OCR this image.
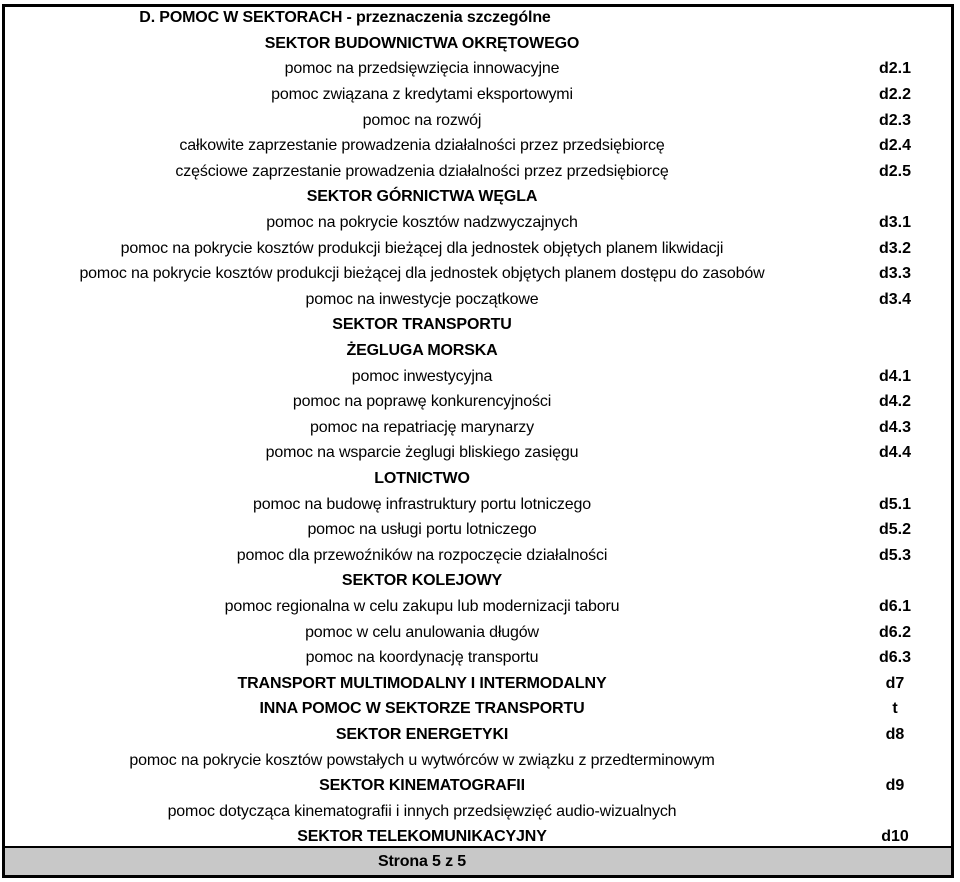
D. POMOC W SEKTORACH - przeznaczenia szczególne
SEKTOR BUDOWNICTWA OKRĘTOWEGO
pomoc na przedsięwzięcia innowacyjne	d2.1
pomoc związana z kredytami eksportowymi	d2.2
pomoc na rozwój	d2.3
całkowite zaprzestanie prowadzenia działalności przez przedsiębiorcę	d2.4
częściowe zaprzestanie prowadzenia działalności przez przedsiębiorcę	d2.5
SEKTOR GÓRNICTWA WĘGLA
pomoc na pokrycie kosztów nadzwyczajnych	d3.1
pomoc na pokrycie kosztów produkcji bieżącej dla jednostek objętych planem likwidacji	d3.2
pomoc na pokrycie kosztów produkcji bieżącej dla jednostek objętych planem dostępu do zasobów	d3.3
pomoc na inwestycje początkowe	d3.4
SEKTOR TRANSPORTU
ŻEGLUGA MORSKA
pomoc inwestycyjna	d4.1
pomoc na poprawę konkurencyjności	d4.2
pomoc na repatriację marynarzy	d4.3
pomoc na wsparcie żeglugi bliskiego zasięgu	d4.4
LOTNICTWO
pomoc na budowę infrastruktury portu lotniczego	d5.1
pomoc na usługi portu lotniczego	d5.2
pomoc dla przewoźników na rozpoczęcie działalności	d5.3
SEKTOR KOLEJOWY
pomoc regionalna w celu zakupu lub modernizacji taboru	d6.1
pomoc w celu anulowania długów	d6.2
pomoc na koordynację transportu	d6.3
TRANSPORT MULTIMODALNY I INTERMODALNY	d7
INNA POMOC W SEKTORZE TRANSPORTU	t
SEKTOR ENERGETYKI	d8
pomoc na pokrycie kosztów powstałych u wytwórców w związku z przedterminowym
SEKTOR KINEMATOGRAFII	d9
pomoc dotycząca kinematografii i innych przedsięwzięć audio-wizualnych
SEKTOR TELEKOMUNIKACYJNY	d10
Strona 5 z 5
